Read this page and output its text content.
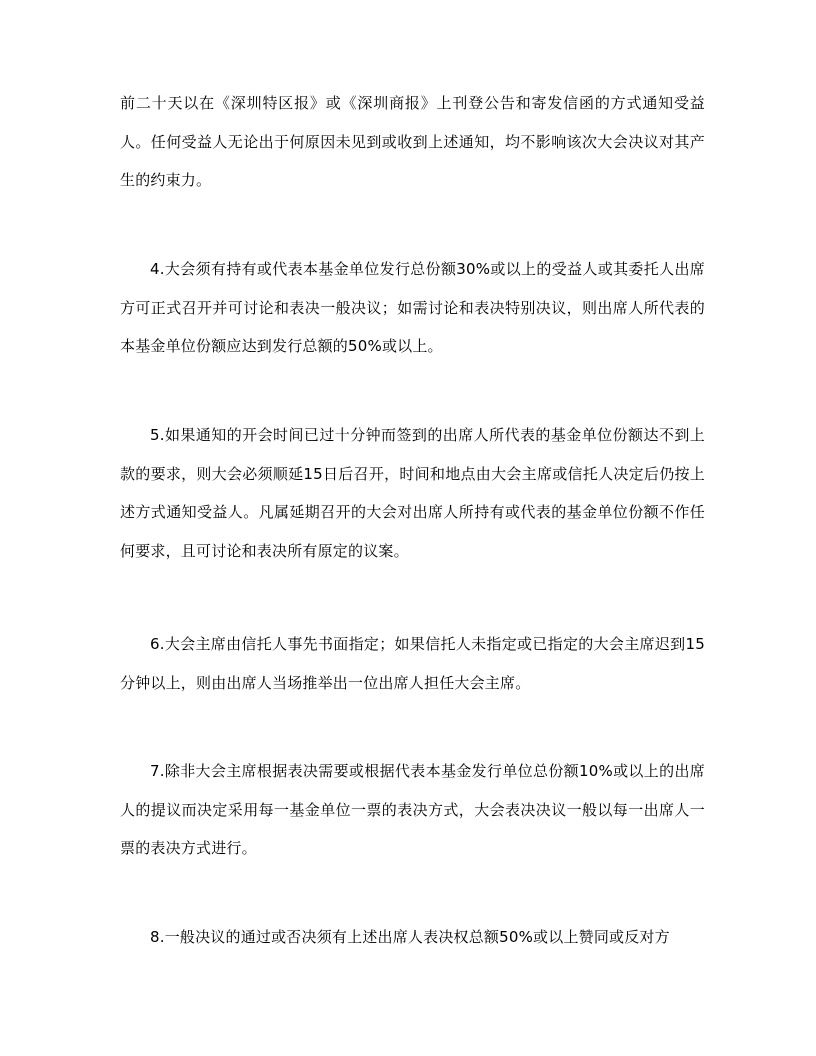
前二十天以在《深圳特区报》或《深圳商报》上刊登公告和寄发信函的方式通知受益人。任何受益人无论出于何原因未见到或收到上述通知，均不影响该次大会决议对其产生的约束力。

4.大会须有持有或代表本基金单位发行总份额30%或以上的受益人或其委托人出席方可正式召开并可讨论和表决一般决议；如需讨论和表决特别决议，则出席人所代表的本基金单位份额应达到发行总额的50%或以上。

5.如果通知的开会时间已过十分钟而签到的出席人所代表的基金单位份额达不到上款的要求，则大会必须顺延15日后召开，时间和地点由大会主席或信托人决定后仍按上述方式通知受益人。凡属延期召开的大会对出席人所持有或代表的基金单位份额不作任何要求，且可讨论和表决所有原定的议案。

6.大会主席由信托人事先书面指定；如果信托人未指定或已指定的大会主席迟到15分钟以上，则由出席人当场推举出一位出席人担任大会主席。

7.除非大会主席根据表决需要或根据代表本基金发行单位总份额10%或以上的出席人的提议而决定采用每一基金单位一票的表决方式，大会表决决议一般以每一出席人一票的表决方式进行。

8.一般决议的通过或否决须有上述出席人表决权总额50%或以上赞同或反对方
